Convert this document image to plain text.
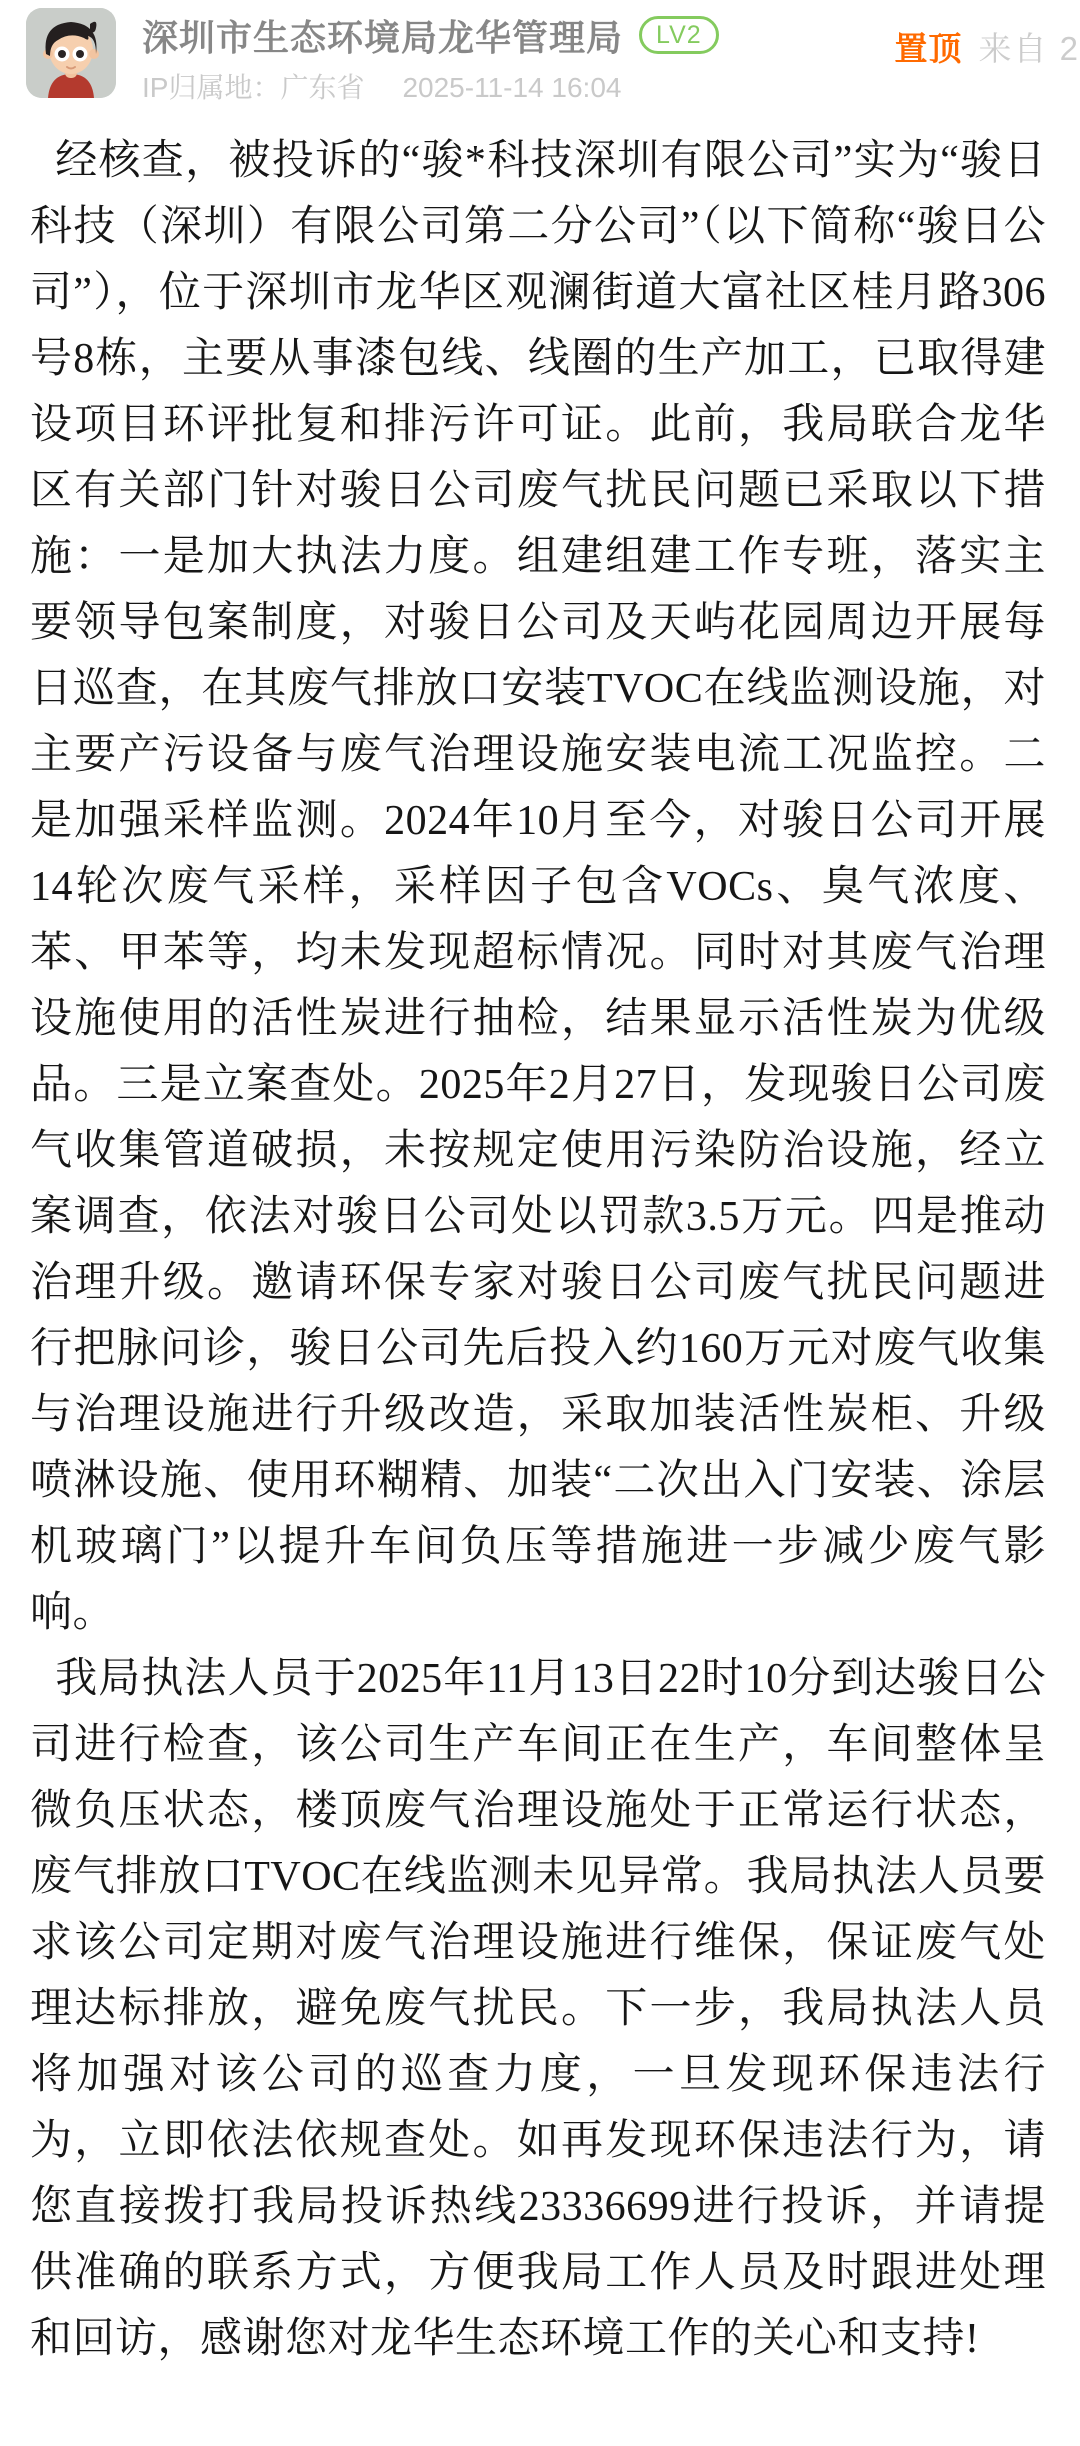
深圳市生态环境局龙华管理局	LV2
IP归属地：广东省 2025-11-14 16:04
置顶 来自 2

经核查，被投诉的“骏*科技深圳有限公司”实为“骏日科技（深圳）有限公司第二分公司”（以下简称“骏日公司”），位于深圳市龙华区观澜街道大富社区桂月路306号8栋，主要从事漆包线、线圈的生产加工，已取得建设项目环评批复和排污许可证。此前，我局联合龙华区有关部门针对骏日公司废气扰民问题已采取以下措施：一是加大执法力度。组建组建工作专班，落实主要领导包案制度，对骏日公司及天屿花园周边开展每日巡查，在其废气排放口安装TVOC在线监测设施，对主要产污设备与废气治理设施安装电流工况监控。二是加强采样监测。2024年10月至今，对骏日公司开展14轮次废气采样，采样因子包含VOCs、臭气浓度、苯、甲苯等，均未发现超标情况。同时对其废气治理设施使用的活性炭进行抽检，结果显示活性炭为优级品。三是立案查处。2025年2月27日，发现骏日公司废气收集管道破损，未按规定使用污染防治设施，经立案调查，依法对骏日公司处以罚款3.5万元。四是推动治理升级。邀请环保专家对骏日公司废气扰民问题进行把脉问诊，骏日公司先后投入约160万元对废气收集与治理设施进行升级改造，采取加装活性炭柜、升级喷淋设施、使用环糊精、加装“二次出入门安装、涂层机玻璃门”以提升车间负压等措施进一步减少废气影响。

我局执法人员于2025年11月13日22时10分到达骏日公司进行检查，该公司生产车间正在生产，车间整体呈微负压状态，楼顶废气治理设施处于正常运行状态，废气排放口TVOC在线监测未见异常。我局执法人员要求该公司定期对废气治理设施进行维保，保证废气处理达标排放，避免废气扰民。下一步，我局执法人员将加强对该公司的巡查力度，一旦发现环保违法行为，立即依法依规查处。如再发现环保违法行为，请您直接拨打我局投诉热线23336699进行投诉，并请提供准确的联系方式，方便我局工作人员及时跟进处理和回访，感谢您对龙华生态环境工作的关心和支持!
